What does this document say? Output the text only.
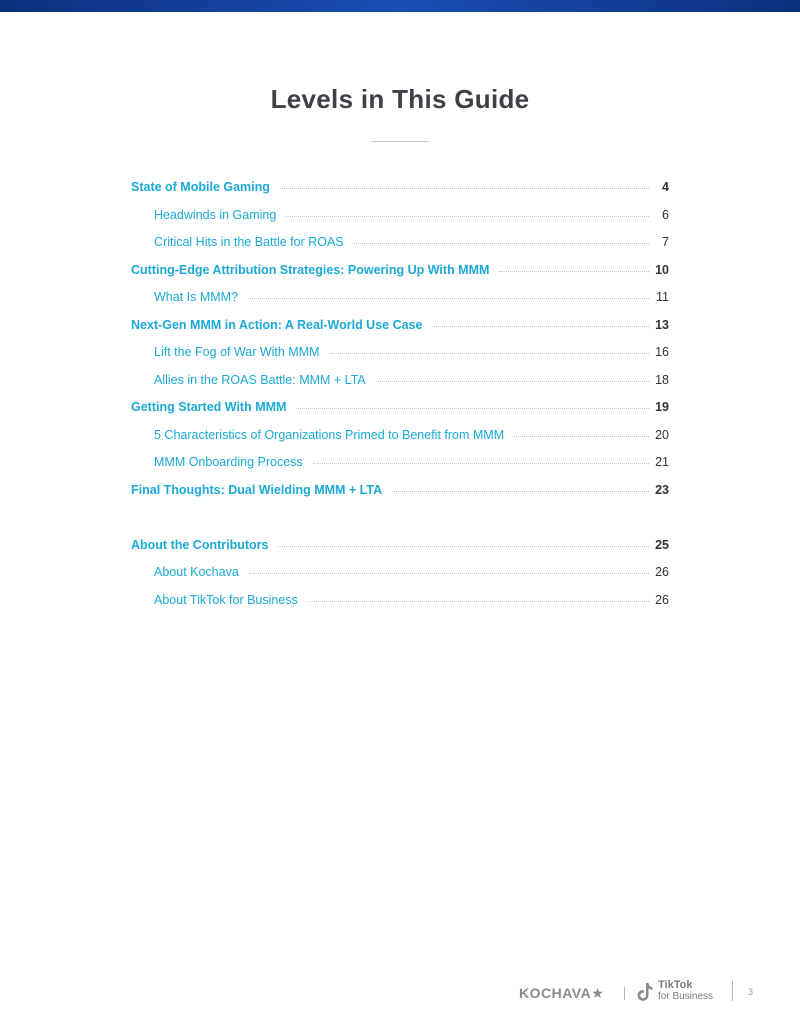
Levels in This Guide
State of Mobile Gaming	4
Headwinds in Gaming	6
Critical Hits in the Battle for ROAS	7
Cutting-Edge Attribution Strategies: Powering Up With MMM	10
What Is MMM?	11
Next-Gen MMM in Action: A Real-World Use Case	13
Lift the Fog of War With MMM	16
Allies in the ROAS Battle: MMM + LTA	18
Getting Started With MMM	19
5 Characteristics of Organizations Primed to Benefit from MMM	20
MMM Onboarding Process	21
Final Thoughts: Dual Wielding MMM + LTA	23
About the Contributors	25
About Kochava	26
About TikTok for Business	26
KOCHAVA★	TikTok
for Business	3
